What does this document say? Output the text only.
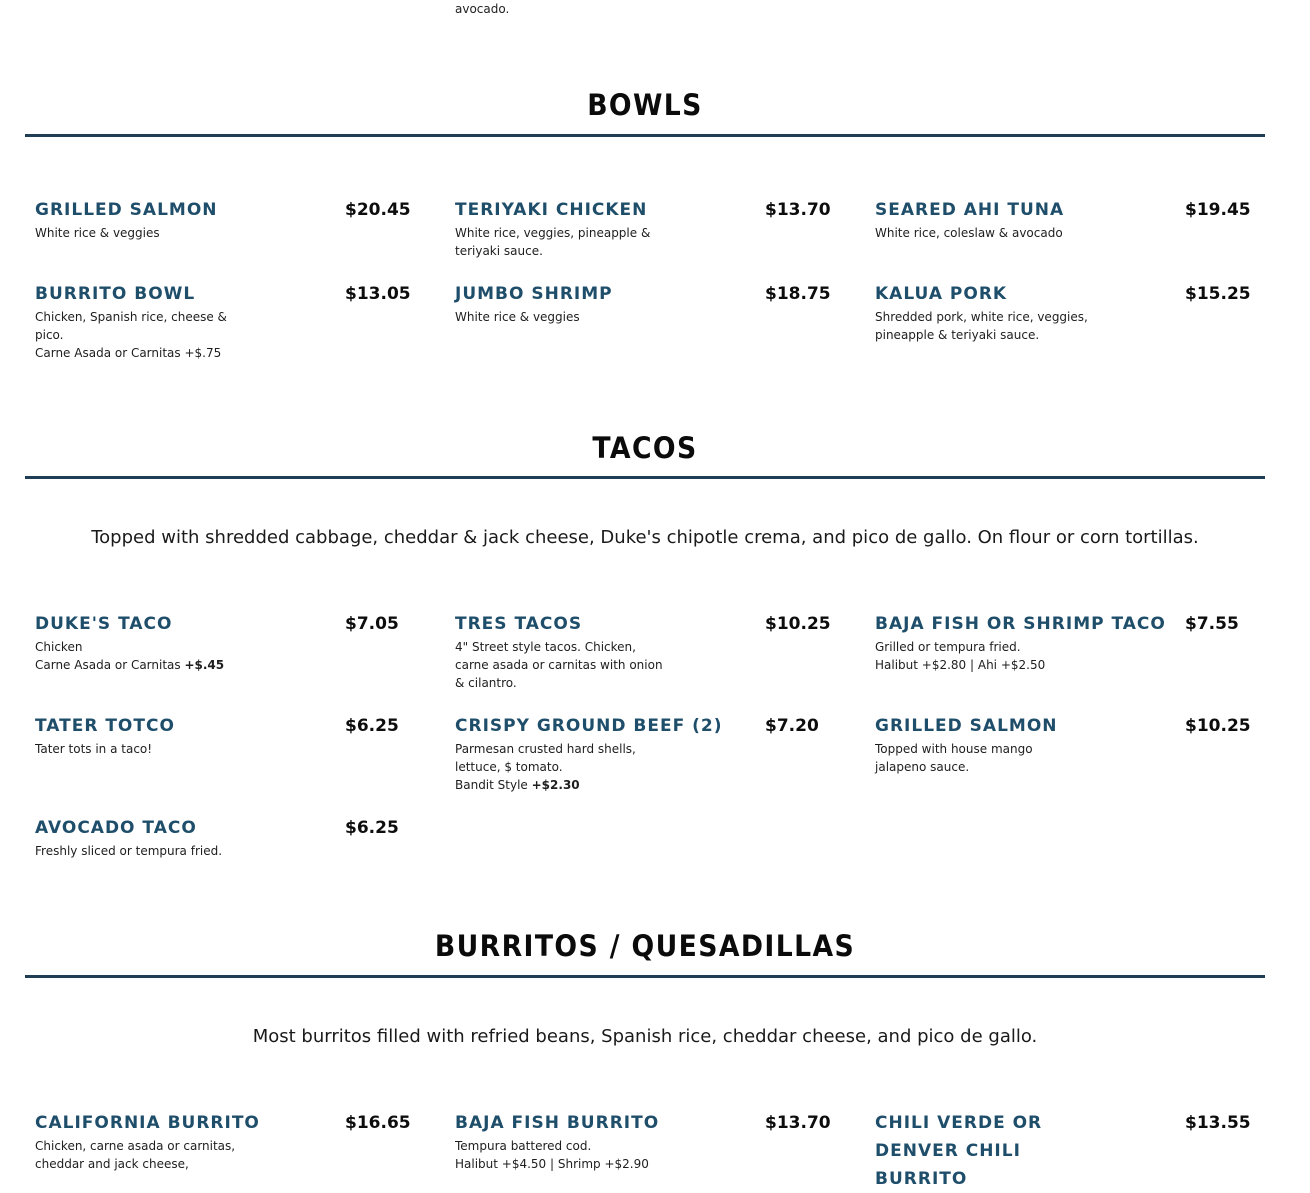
avocado.
BOWLS
GRILLED SALMON	$20.45
White rice & veggies
TERIYAKI CHICKEN	$13.70
White rice, veggies, pineapple &
teriyaki sauce.
SEARED AHI TUNA	$19.45
White rice, coleslaw & avocado
BURRITO BOWL	$13.05
Chicken, Spanish rice, cheese &
pico.
Carne Asada or Carnitas +$.75
JUMBO SHRIMP	$18.75
White rice & veggies
KALUA PORK	$15.25
Shredded pork, white rice, veggies,
pineapple & teriyaki sauce.
TACOS
Topped with shredded cabbage, cheddar & jack cheese, Duke's chipotle crema, and pico de gallo. On flour or corn tortillas.
DUKE'S TACO	$7.05
Chicken
Carne Asada or Carnitas +$.45
TRES TACOS	$10.25
4" Street style tacos. Chicken,
carne asada or carnitas with onion
& cilantro.
BAJA FISH OR SHRIMP TACO	$7.55
Grilled or tempura fried.
Halibut +$2.80 | Ahi +$2.50
TATER TOTCO	$6.25
Tater tots in a taco!
CRISPY GROUND BEEF (2)	$7.20
Parmesan crusted hard shells,
lettuce, $ tomato.
Bandit Style +$2.30
GRILLED SALMON	$10.25
Topped with house mango
jalapeno sauce.
AVOCADO TACO	$6.25
Freshly sliced or tempura fried.
BURRITOS / QUESADILLAS
Most burritos filled with refried beans, Spanish rice, cheddar cheese, and pico de gallo.
CALIFORNIA BURRITO	$16.65
Chicken, carne asada or carnitas,
cheddar and jack cheese,
BAJA FISH BURRITO	$13.70
Tempura battered cod.
Halibut +$4.50 | Shrimp +$2.90
CHILI VERDE OR DENVER CHILI BURRITO
$13.55
